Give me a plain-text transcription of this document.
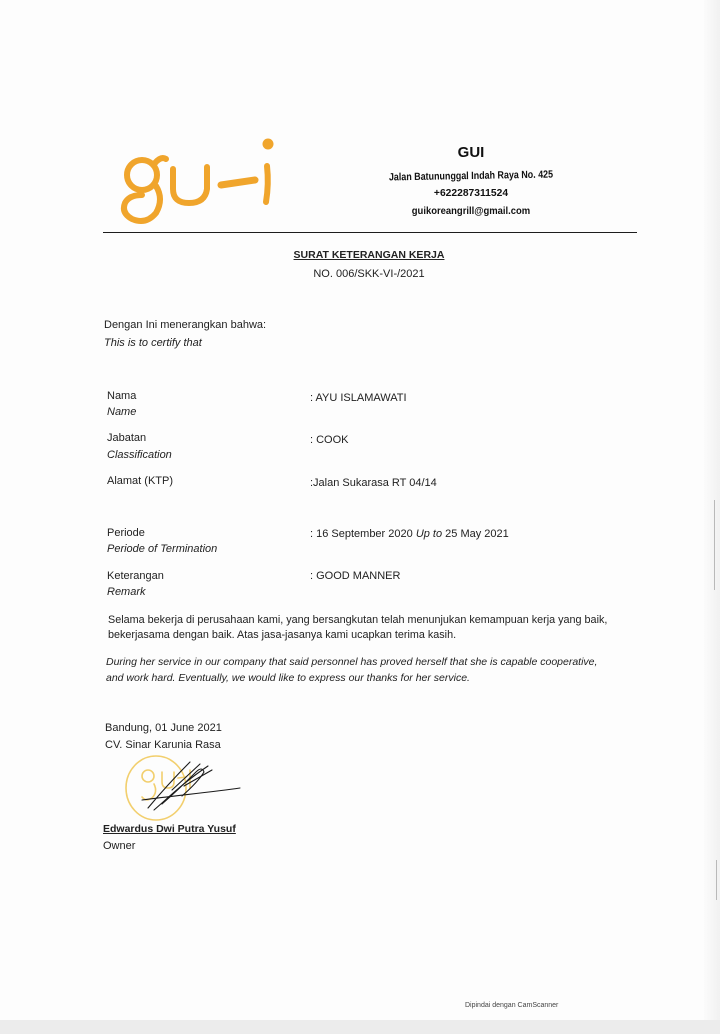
GUI
Jalan Batununggal Indah Raya No. 425
+622287311524
guikoreangrill@gmail.com
SURAT KETERANGAN KERJA
NO. 006/SKK-VI-/2021
Dengan Ini menerangkan bahwa:
This is to certify that
Nama
Name
: AYU ISLAMAWATI
Jabatan
Classification
: COOK
Alamat (KTP)	:Jalan Sukarasa RT 04/14
Periode
Periode of Termination
: 16 September 2020 Up to 25 May 2021
Keterangan
Remark
: GOOD MANNER
Selama bekerja di perusahaan kami, yang bersangkutan telah menunjukan kemampuan kerja yang baik,
bekerjasama dengan baik. Atas jasa-jasanya kami ucapkan terima kasih.
During her service in our company that said personnel has proved herself that she is capable cooperative,
and work hard. Eventually, we would like to express our thanks for her service.
Bandung, 01 June 2021
CV. Sinar Karunia Rasa
Edwardus Dwi Putra Yusuf
Owner
Dipindai dengan CamScanner
